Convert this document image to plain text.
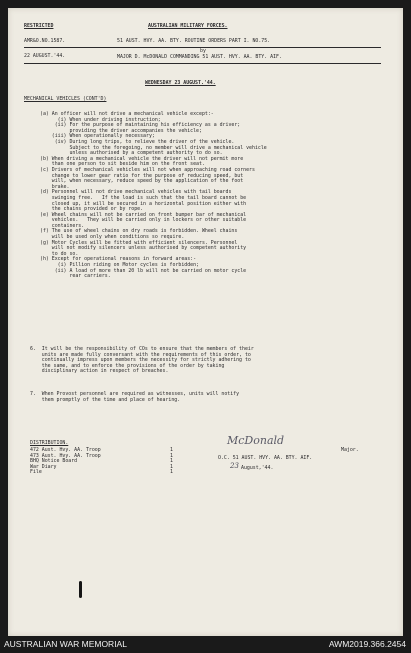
RESTRICTED	AUSTRALIAN MILITARY FORCES.
AMR&O.NO.1587.	51 AUST. HVY. AA. BTY. ROUTINE ORDERS PART I. NO.75.
22 AUGUST.'44.
by
MAJOR D. McDONALD COMMANDING 51 AUST. HVY. AA. BTY. AIF.
WEDNESDAY 23 AUGUST.'44.
MECHANICAL VEHICLES (CONT'D)
(a) An officer will not drive a mechanical vehicle except:-
(i) When under driving instruction;
(ii) For the purpose of maintaining his efficiency as a driver;
providing the driver accompanies the vehicle;
(iii) When operationally necessary;
(iv) During long trips, to relieve the driver of the vehicle.
Subject to the foregoing, no member will drive a mechanical vehicle
unless authorised by a competent authority to do so.
(b) When driving a mechanical vehicle the driver will not permit more
than one person to sit beside him on the front seat.
(c) Drivers of mechanical vehicles will not when approaching road corners
change to lower gear ratio for the purpose of reducing speed, but
will, when necessary, reduce speed by the application of the foot
brake.
(d) Personnel will not drive mechanical vehicles with tail boards
swinging free.   If the load is such that the tail board cannot be
closed up, it will be secured in a horizontal position either with
the chains provided or by rope.
(e) Wheel chains will not be carried on front bumper bar of mechanical
vehicles.   They will be carried only in lockers or other suitable
containers.
(f) The use of wheel chains on dry roads is forbidden. Wheel chains
will be used only when conditions so require.
(g) Motor Cycles will be fitted with efficient silencers. Personnel
will not modify silencers unless authorised by competent authority
to do so.
(h) Except for operational reasons in forward areas:-
(i) Pillion riding on Motor cycles is forbidden;
(ii) A load of more than 20 lb will not be carried on motor cycle
rear carriers.
6.  It will be the responsibility of COs to ensure that the members of their
units are made fully conversant with the requirements of this order, to
continually impress upon members the necessity for strictly adhering to
the same, and to enforce the provisions of the order by taking
disciplinary action in respect of breaches.
7.  When Provost personnel are required as witnesses, units will notify
them promptly of the time and place of hearing.
McDonald
Major.
O.C. 51 AUST. HVY. AA. BTY. AIF.
23 August,'44.
DISTRIBUTION.
472 Aust. Hvy. AA. Troop	1
473 Aust. Hvy. AA. Troop	1
BHQ Notice Board	1
War Diary	1
File	1
AUSTRALIAN WAR MEMORIAL	AWM2019.366.2454
